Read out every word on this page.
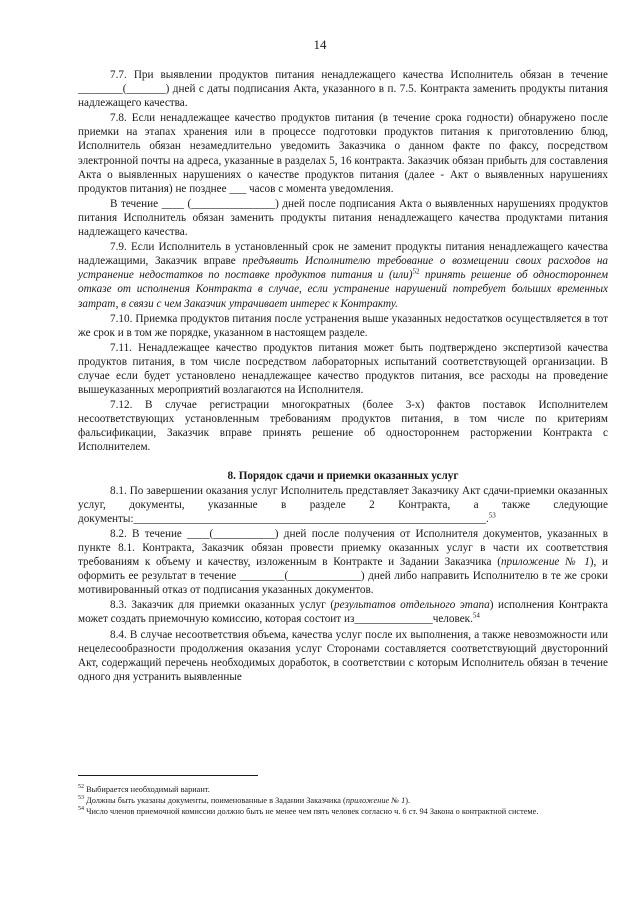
14

7.7. При выявлении продуктов питания ненадлежащего качества Исполнитель обязан в течение ________(_______) дней с даты подписания Акта, указанного в п. 7.5. Контракта заменить продукты питания надлежащего качества.

7.8. Если ненадлежащее качество продуктов питания (в течение срока годности) обнаружено после приемки на этапах хранения или в процессе подготовки продуктов питания к приготовлению блюд, Исполнитель обязан незамедлительно уведомить Заказчика о данном факте по факсу, посредством электронной почты на адреса, указанные в разделах 5, 16 контракта. Заказчик обязан прибыть для составления Акта о выявленных нарушениях о качестве продуктов питания (далее - Акт о выявленных нарушениях продуктов питания) не позднее ___ часов с момента уведомления.

В течение ____ (_______________) дней после подписания Акта о выявленных нарушениях продуктов питания Исполнитель обязан заменить продукты питания ненадлежащего качества продуктами питания надлежащего качества.

7.9. Если Исполнитель в установленный срок не заменит продукты питания ненадлежащего качества надлежащими, Заказчик вправе предъявить Исполнителю требование о возмещении своих расходов на устранение недостатков по поставке продуктов питания и (или)$^{52}$ принять решение об одностороннем отказе от исполнения Контракта в случае, если устранение нарушений потребует больших временных затрат, в связи с чем Заказчик утрачивает интерес к Контракту.

7.10. Приемка продуктов питания после устранения выше указанных недостатков осуществляется в тот же срок и в том же порядке, указанном в настоящем разделе.

7.11. Ненадлежащее качество продуктов питания может быть подтверждено экспертизой качества продуктов питания, в том числе посредством лабораторных испытаний соответствующей организации. В случае если будет установлено ненадлежащее качество продуктов питания, все расходы на проведение вышеуказанных мероприятий возлагаются на Исполнителя.

7.12. В случае регистрации многократных (более 3-х) фактов поставок Исполнителем несоответствующих установленным требованиям продуктов питания, в том числе по критериям фальсификации, Заказчик вправе принять решение об одностороннем расторжении Контракта с Исполнителем.

8. Порядок сдачи и приемки оказанных услуг

8.1. По завершении оказания услуг Исполнитель представляет Заказчику Акт сдачи-приемки оказанных услуг, документы, указанные в разделе 2 Контракта, а также следующие документы:_______________________________________________________________.$^{53}$

8.2. В течение ____(___________) дней после получения от Исполнителя документов, указанных в пункте 8.1. Контракта, Заказчик обязан провести приемку оказанных услуг в части их соответствия требованиям к объему и качеству, изложенным в Контракте и Задании Заказчика (приложение № 1), и оформить ее результат в течение ________(_____________) дней либо направить Исполнителю в те же сроки мотивированный отказ от подписания указанных документов.

8.3. Заказчик для приемки оказанных услуг (результатов отдельного этапа) исполнения Контракта может создать приемочную комиссию, которая состоит из______________человек.$^{54}$

8.4. В случае несоответствия объема, качества услуг после их выполнения, а также невозможности или нецелесообразности продолжения оказания услуг Сторонами составляется соответствующий двусторонний Акт, содержащий перечень необходимых доработок, в соответствии с которым Исполнитель обязан в течение одного дня устранить выявленные

$^{52}$ Выбирается необходимый вариант.
$^{53}$ Должны быть указаны документы, поименованные в Задании Заказчика (приложение № 1).
$^{54}$ Число членов приемочной комиссии должно быть не менее чем пять человек согласно ч. 6 ст. 94 Закона о контрактной системе.
